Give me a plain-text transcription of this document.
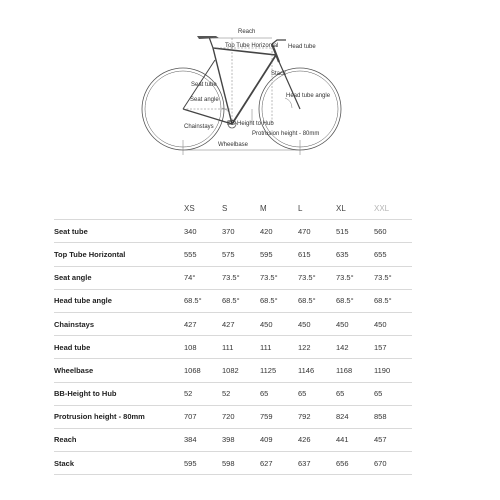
Reach
Top Tube Horizontal Head tube
Stack
Seat tube
Seat angle
Head tube angle
Chainstays BB-Height to Hub
Protrusion height - 80mm
Wheelbase
	XS	S	M	L	XL	XXL
Seat tube	340	370	420	470	515	560
Top Tube Horizontal	555	575	595	615	635	655
Seat angle	74°	73.5°	73.5°	73.5°	73.5°	73.5°
Head tube angle	68.5°	68.5°	68.5°	68.5°	68.5°	68.5°
Chainstays	427	427	450	450	450	450
Head tube	108	111	111	122	142	157
Wheelbase	1068	1082	1125	1146	1168	1190
BB-Height to Hub	52	52	65	65	65	65
Protrusion height - 80mm	707	720	759	792	824	858
Reach	384	398	409	426	441	457
Stack	595	598	627	637	656	670
